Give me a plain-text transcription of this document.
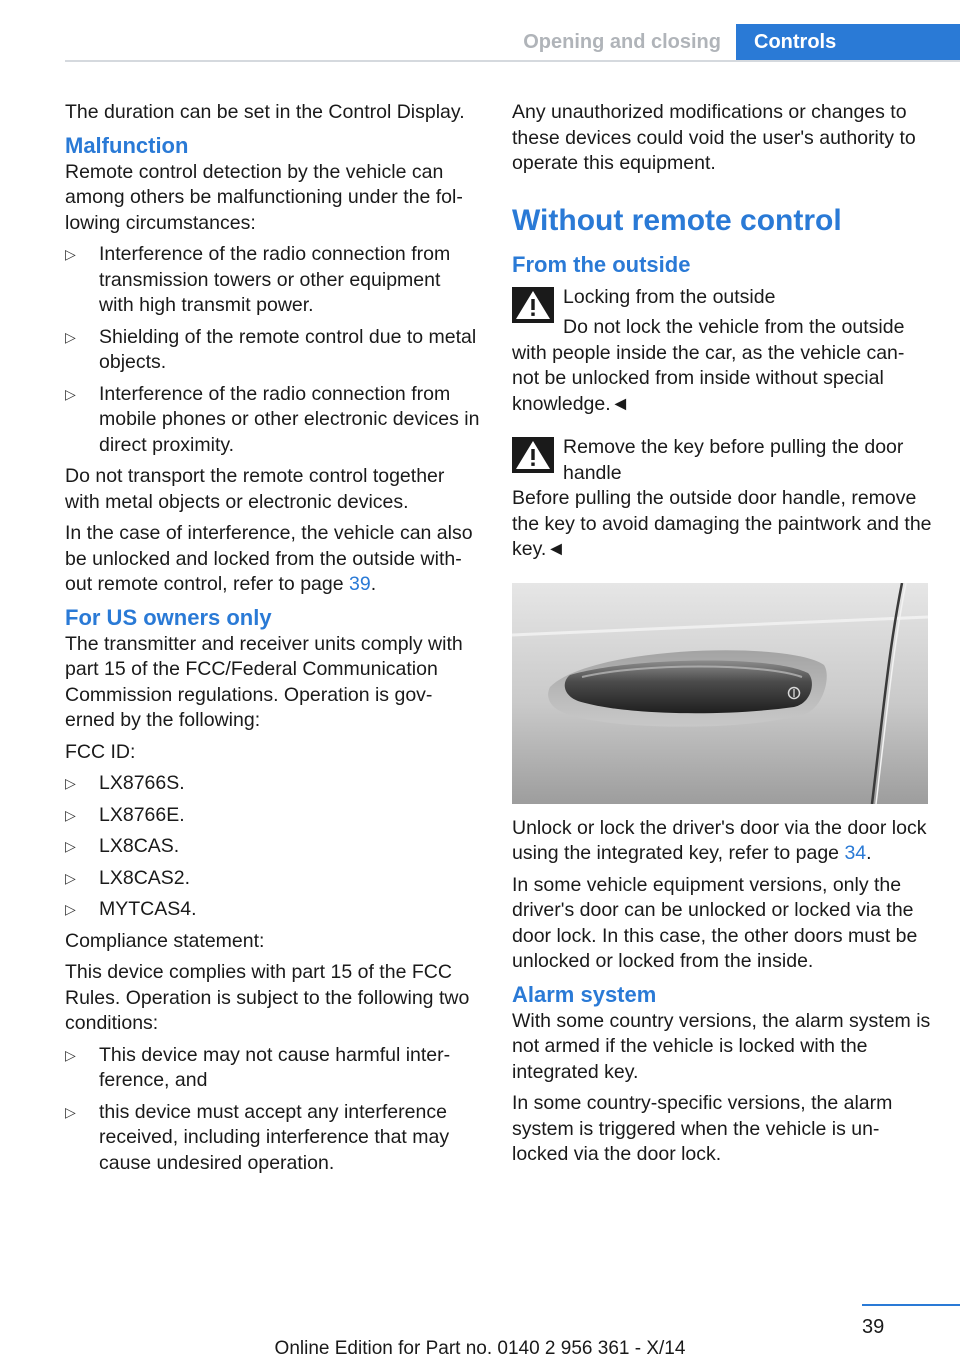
Opening and closing	Controls

The duration can be set in the Control Display.

Malfunction

Remote control detection by the vehicle can among others be malfunctioning under the fol- lowing circumstances:

▷ Interference of the radio connection from transmission towers or other equipment with high transmit power.
▷ Shielding of the remote control due to metal objects.
▷ Interference of the radio connection from mobile phones or other electronic devices in direct proximity.

Do not transport the remote control together with metal objects or electronic devices.

In the case of interference, the vehicle can also be unlocked and locked from the outside with- out remote control, refer to page 39.

For US owners only

The transmitter and receiver units comply with part 15 of the FCC/Federal Communication Commission regulations. Operation is gov- erned by the following:

FCC ID:

▷ LX8766S.
▷ LX8766E.
▷ LX8CAS.
▷ LX8CAS2.
▷ MYTCAS4.

Compliance statement:

This device complies with part 15 of the FCC Rules. Operation is subject to the following two conditions:

▷ This device may not cause harmful inter- ference, and
▷ this device must accept any interference received, including interference that may cause undesired operation.

Any unauthorized modifications or changes to these devices could void the user's authority to operate this equipment.

Without remote control
From the outside
Locking from the outside
Do not lock the vehicle from the outside

with people inside the car, as the vehicle can- not be unlocked from inside without special knowledge.◄

Remove the key before pulling the door handle

Before pulling the outside door handle, remove the key to avoid damaging the paintwork and the key.◄

Unlock or lock the driver's door via the door lock using the integrated key, refer to page 34.

In some vehicle equipment versions, only the driver's door can be unlocked or locked via the door lock. In this case, the other doors must be unlocked or locked from the inside.

Alarm system

With some country versions, the alarm system is not armed if the vehicle is locked with the integrated key.

In some country-specific versions, the alarm system is triggered when the vehicle is un- locked via the door lock.

39
Online Edition for Part no. 0140 2 956 361 - X/14
